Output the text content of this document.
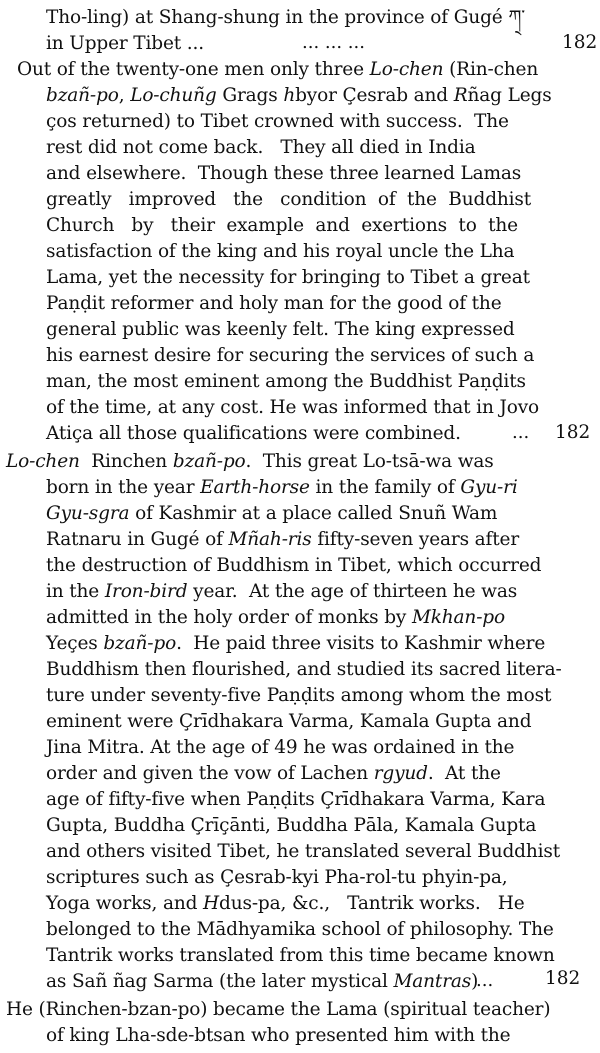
Tho-ling) at Shang-shung in the province of Gugé ཀ྄་
in Upper Tibet ...	... ... ...	182
Out of the twenty-one men only three Lo-chen (Rin-chen
bzañ-po, Lo-chuñg Grags hbyor Çesrab and Rñag Legs
ços returned) to Tibet crowned with success.  The
rest did not come back.   They all died in India
and elsewhere.  Though these three learned Lamas
greatly   improved   the   condition  of  the  Buddhist
Church   by   their  example  and  exertions  to  the
satisfaction of the king and his royal uncle the Lha
Lama, yet the necessity for bringing to Tibet a great
Paṇḍit reformer and holy man for the good of the
general public was keenly felt. The king expressed
his earnest desire for securing the services of such a
man, the most eminent among the Buddhist Paṇḍits
of the time, at any cost. He was informed that in Jovo
Atiça all those qualifications were combined.	... 182
Lo-chen  Rinchen bzañ-po.  This great Lo-tsā-wa was
born in the year Earth-horse in the family of Gyu-ri
Gyu-sgra of Kashmir at a place called Snuñ Wam
Ratnaru in Gugé of Mñah-ris fifty-seven years after
the destruction of Buddhism in Tibet, which occurred
in the Iron-bird year.  At the age of thirteen he was
admitted in the holy order of monks by Mkhan-po
Yeçes bzañ-po.  He paid three visits to Kashmir where
Buddhism then flourished, and studied its sacred litera-
ture under seventy-five Paṇḍits among whom the most
eminent were Çrīdhakara Varma, Kamala Gupta and
Jina Mitra. At the age of 49 he was ordained in the
order and given the vow of Lachen rgyud.  At the
age of fifty-five when Paṇḍits Çrīdhakara Varma, Kara
Gupta, Buddha Çrīçānti, Buddha Pāla, Kamala Gupta
and others visited Tibet, he translated several Buddhist
scriptures such as Çesrab-kyi Pha-rol-tu phyin-pa,
Yoga works, and Hdus-pa, &c.,   Tantrik works.   He
belonged to the Mādhyamika school of philosophy. The
Tantrik works translated from this time became known
as Sañ ñag Sarma (the later mystical Mantras)
...	182
He (Rinchen-bzan-po) became the Lama (spiritual teacher)
of king Lha-sde-btsan who presented him with the
